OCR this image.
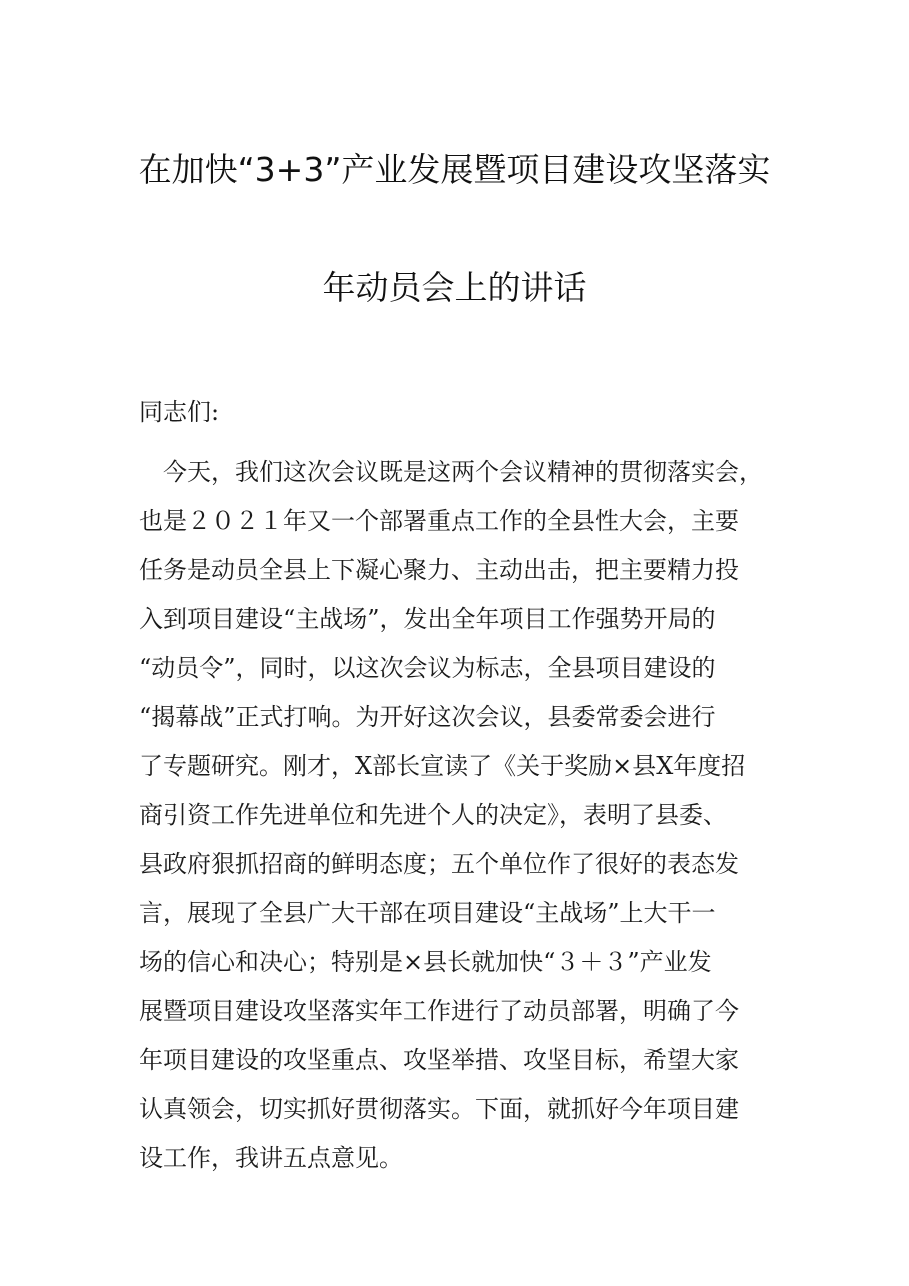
在加快“3+3”产业发展暨项目建设攻坚落实
年动员会上的讲话
同志们:
　今天，我们这次会议既是这两个会议精神的贯彻落实会，
也是２０２１年又一个部署重点工作的全县性大会，主要
任务是动员全县上下凝心聚力、主动出击，把主要精力投
入到项目建设“主战场”，发出全年项目工作强势开局的
“动员令”，同时，以这次会议为标志，全县项目建设的
“揭幕战”正式打响。为开好这次会议，县委常委会进行
了专题研究。刚才，X部长宣读了《关于奖励×县X年度招
商引资工作先进单位和先进个人的决定》，表明了县委、
县政府狠抓招商的鲜明态度；五个单位作了很好的表态发
言，展现了全县广大干部在项目建设“主战场”上大干一
场的信心和决心；特别是×县长就加快“３＋３”产业发
展暨项目建设攻坚落实年工作进行了动员部署，明确了今
年项目建设的攻坚重点、攻坚举措、攻坚目标，希望大家
认真领会，切实抓好贯彻落实。下面，就抓好今年项目建
设工作，我讲五点意见。
